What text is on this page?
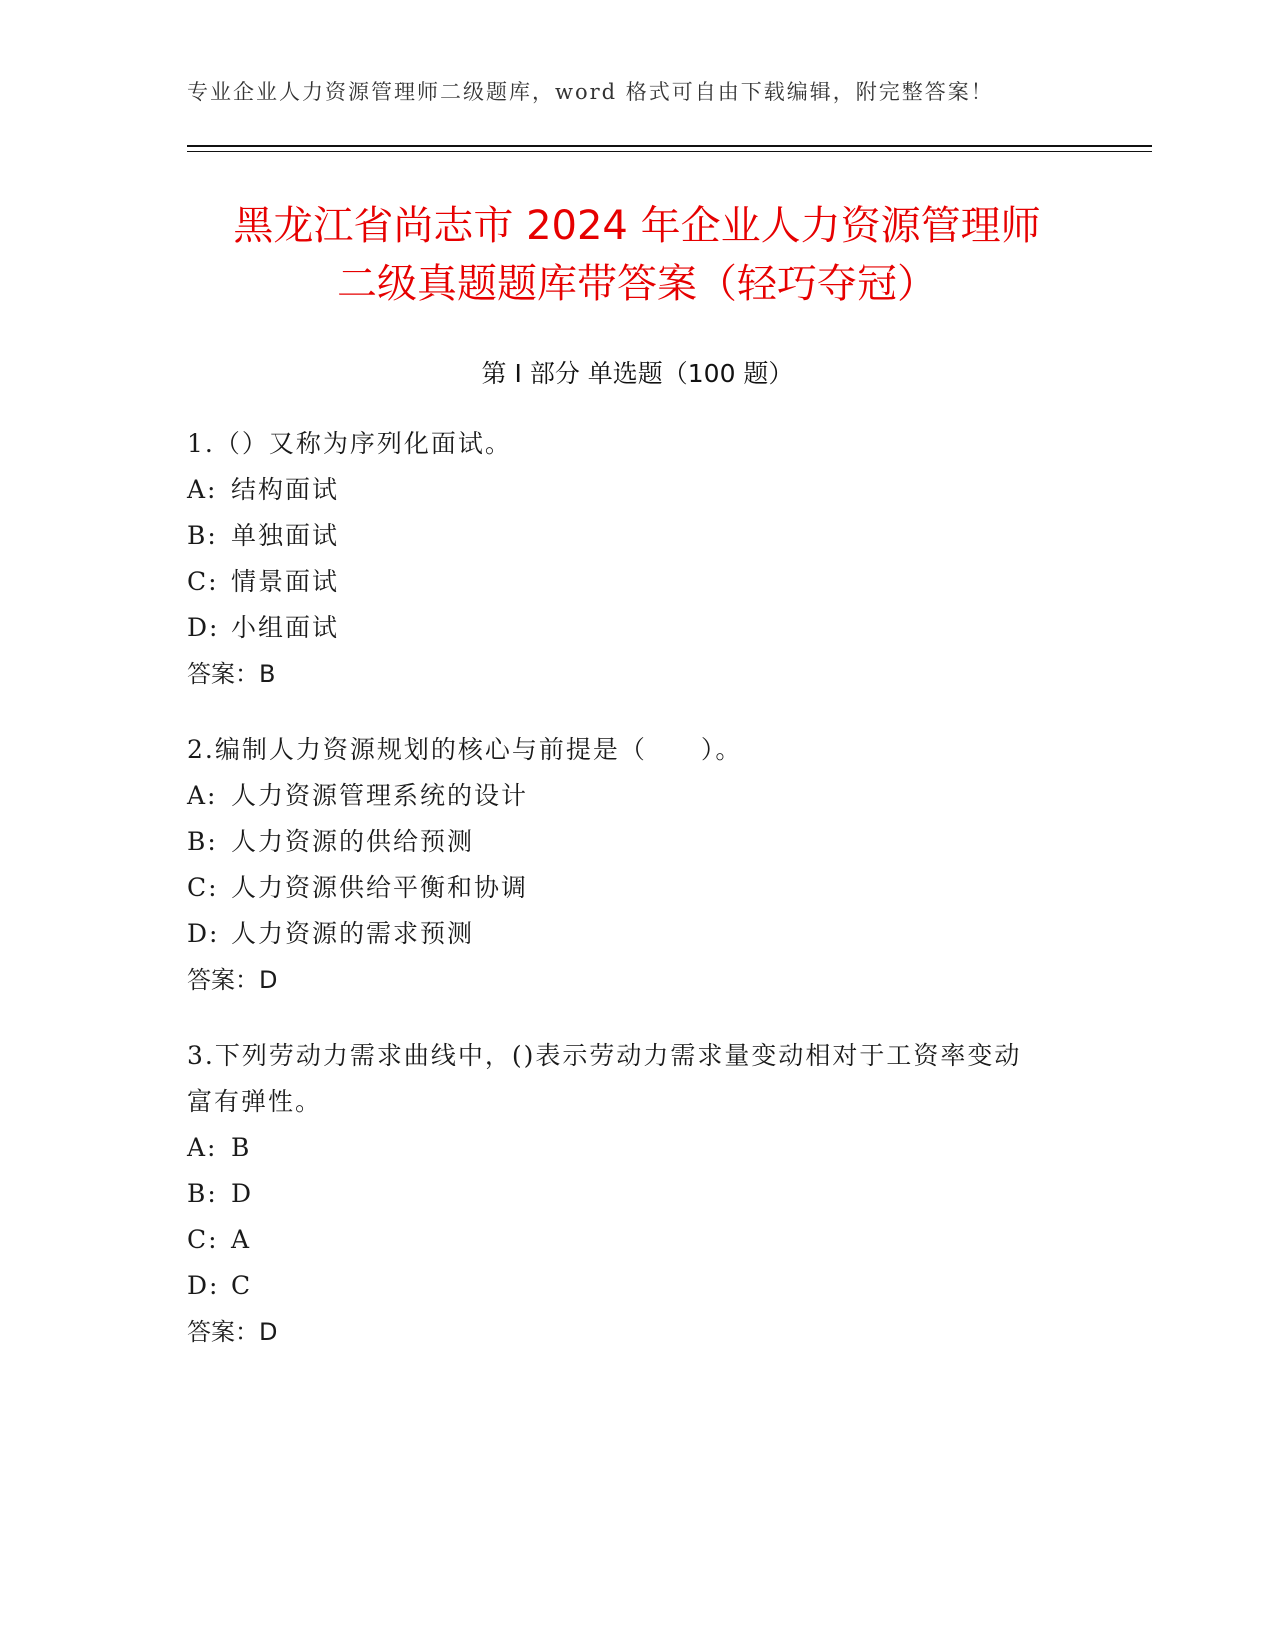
专业企业人力资源管理师二级题库，word 格式可自由下载编辑，附完整答案！
黑龙江省尚志市 2024 年企业人力资源管理师
二级真题题库带答案（轻巧夺冠）
第 I 部分 单选题（100 题）

1.（）又称为序列化面试。

A: 结构面试

B: 单独面试

C: 情景面试

D: 小组面试

答案：B

2.编制人力资源规划的核心与前提是（　　）。

A: 人力资源管理系统的设计

B: 人力资源的供给预测

C: 人力资源供给平衡和协调

D: 人力资源的需求预测

答案：D

3.下列劳动力需求曲线中，()表示劳动力需求量变动相对于工资率变动富有弹性。

A: B

B: D

C: A

D: C

答案：D
